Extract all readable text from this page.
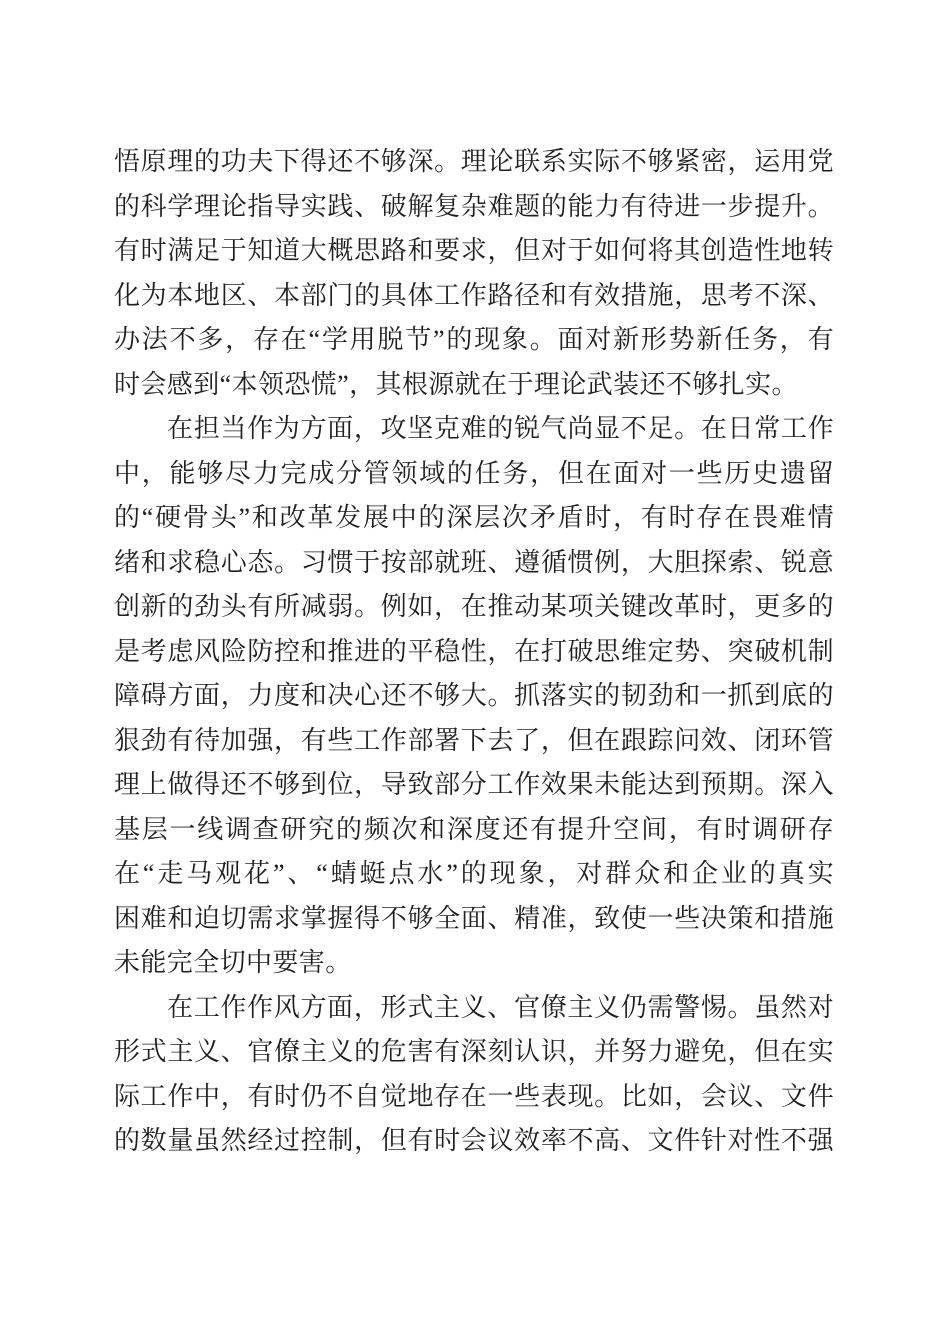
悟原理的功夫下得还不够深。理论联系实际不够紧密，运用党
的科学理论指导实践、破解复杂难题的能力有待进一步提升。
有时满足于知道大概思路和要求，但对于如何将其创造性地转
化为本地区、本部门的具体工作路径和有效措施，思考不深、
办法不多，存在“学用脱节”的现象。面对新形势新任务，有
时会感到“本领恐慌”，其根源就在于理论武装还不够扎实。
在担当作为方面，攻坚克难的锐气尚显不足。在日常工作
中，能够尽力完成分管领域的任务，但在面对一些历史遗留
的“硬骨头”和改革发展中的深层次矛盾时，有时存在畏难情
绪和求稳心态。习惯于按部就班、遵循惯例，大胆探索、锐意
创新的劲头有所减弱。例如，在推动某项关键改革时，更多的
是考虑风险防控和推进的平稳性，在打破思维定势、突破机制
障碍方面，力度和决心还不够大。抓落实的韧劲和一抓到底的
狠劲有待加强，有些工作部署下去了，但在跟踪问效、闭环管
理上做得还不够到位，导致部分工作效果未能达到预期。深入
基层一线调查研究的频次和深度还有提升空间，有时调研存
在“走马观花”、“蜻蜓点水”的现象，对群众和企业的真实
困难和迫切需求掌握得不够全面、精准，致使一些决策和措施
未能完全切中要害。
在工作作风方面，形式主义、官僚主义仍需警惕。虽然对
形式主义、官僚主义的危害有深刻认识，并努力避免，但在实
际工作中，有时仍不自觉地存在一些表现。比如，会议、文件
的数量虽然经过控制，但有时会议效率不高、文件针对性不强
